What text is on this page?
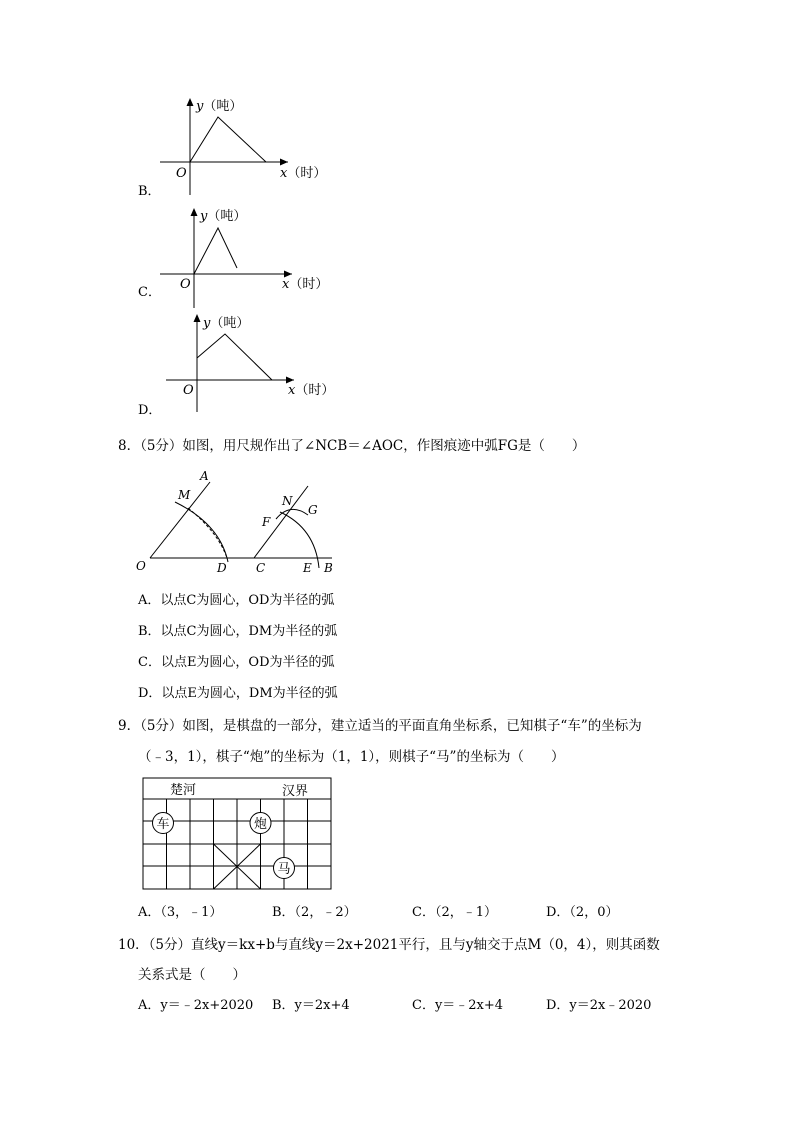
y（吨）
O	x（时）
B．
y（吨）
O	x（时）
C．
y（吨）
O	x（时）
D．
8．（5分）如图，用尺规作出了∠NCB＝∠AOC，作图痕迹中弧FG是（　　）
A
M
O	D
N
G
F
C	E B
A．以点C为圆心，OD为半径的弧
B．以点C为圆心，DM为半径的弧
C．以点E为圆心，OD为半径的弧
D．以点E为圆心，DM为半径的弧
9．（5分）如图，是棋盘的一部分，建立适当的平面直角坐标系，已知棋子“车”的坐标为
（﹣3，1），棋子“炮”的坐标为（1，1），则棋子“马”的坐标为（　　）
楚河	汉界
车	炮
马
A．（3，﹣1）	B．（2，﹣2）	C．（2，﹣1）	D．（2，0）
10．（5分）直线y＝kx+b与直线y＝2x+2021平行，且与y轴交于点M（0，4），则其函数
关系式是（　　）
A．y＝﹣2x+2020 B．y＝2x+4	C．y＝﹣2x+4	D．y＝2x﹣2020
